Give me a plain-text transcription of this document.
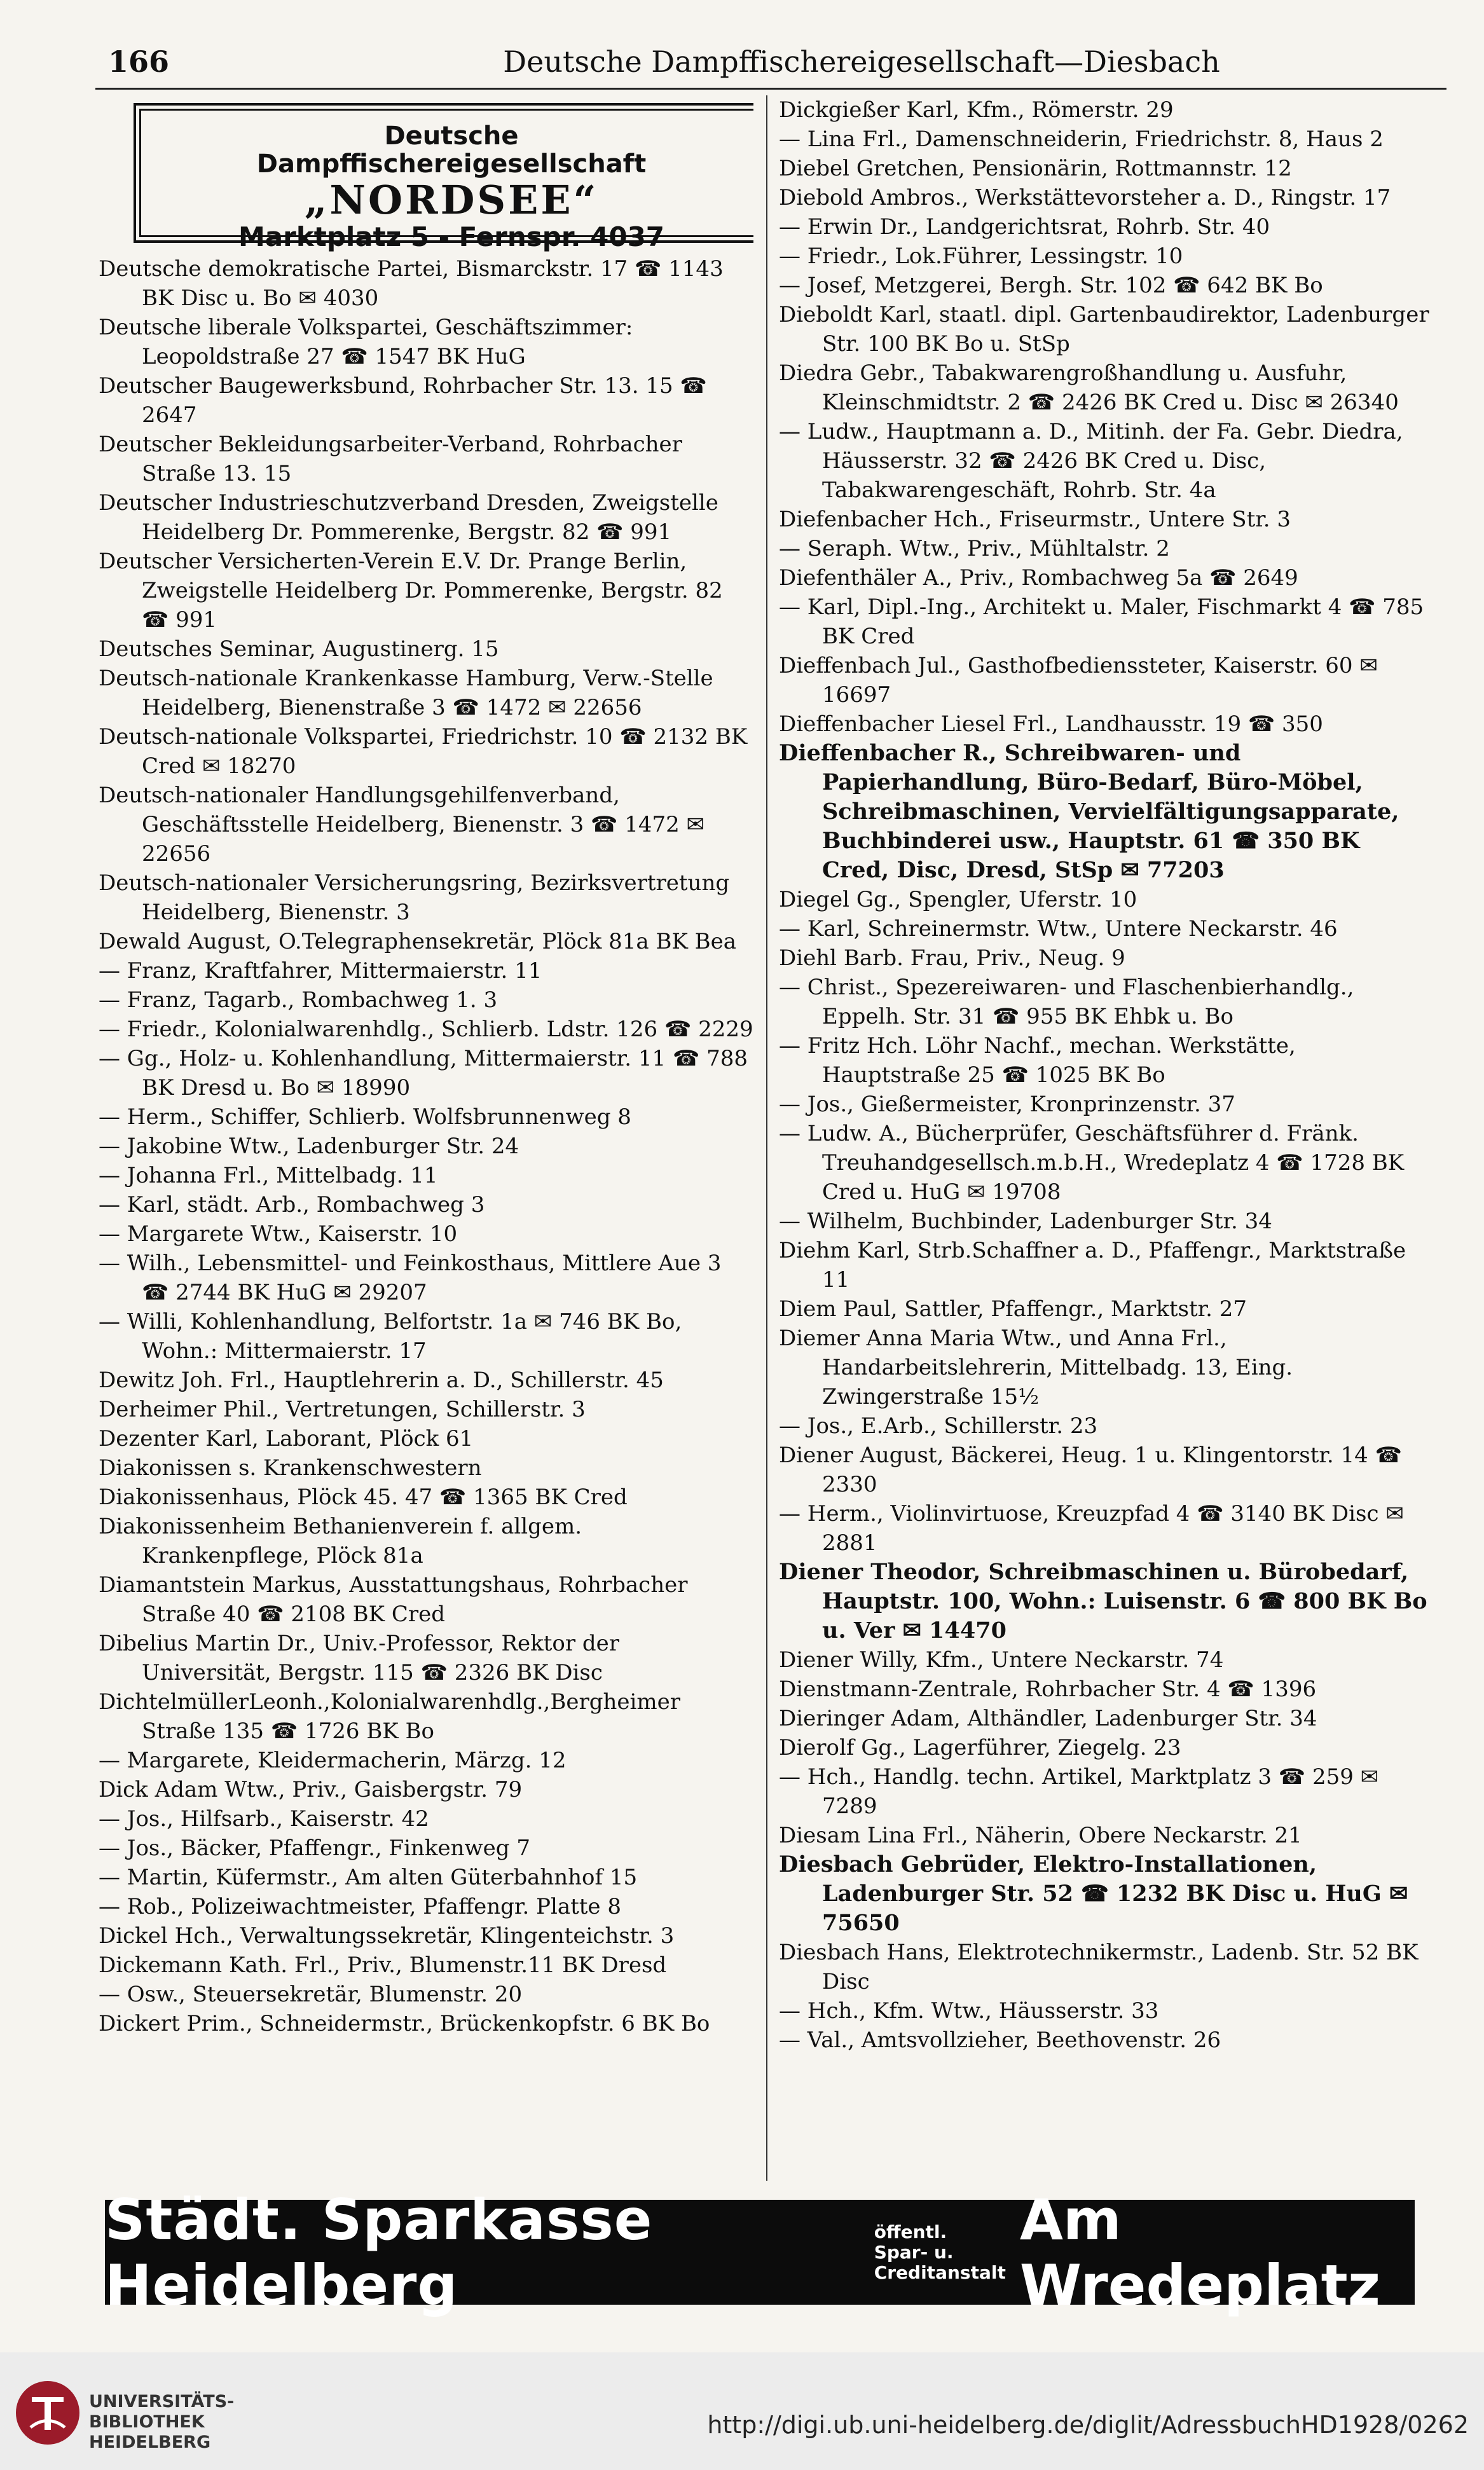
166	Deutsche Dampffischereigesellschaft—Diesbach
Deutsche
Dampffischereigesellschaft
„NORDSEE“
Marktplatz 5 - Fernspr. 4037
Deutsche demokratische Partei, Bismarckstr. 17 ☎ 1143 BK Disc u. Bo ✉ 4030
Deutsche liberale Volkspartei, Geschäftszimmer: Leopoldstraße 27 ☎ 1547 BK HuG
Deutscher Baugewerksbund, Rohrbacher Str. 13. 15 ☎ 2647
Deutscher Bekleidungsarbeiter-Verband, Rohrbacher Straße 13. 15
Deutscher Industrieschutzverband Dresden, Zweigstelle Heidelberg Dr. Pommerenke, Bergstr. 82 ☎ 991
Deutscher Versicherten-Verein E.V. Dr. Prange Berlin, Zweigstelle Heidelberg Dr. Pommerenke, Bergstr. 82 ☎ 991
Deutsches Seminar, Augustinerg. 15
Deutsch-nationale Krankenkasse Hamburg, Verw.-Stelle Heidelberg, Bienenstraße 3 ☎ 1472 ✉ 22656
Deutsch-nationale Volkspartei, Friedrichstr. 10 ☎ 2132 BK Cred ✉ 18270
Deutsch-nationaler Handlungsgehilfenverband, Geschäftsstelle Heidelberg, Bienenstr. 3 ☎ 1472 ✉ 22656
Deutsch-nationaler Versicherungsring, Bezirksvertretung Heidelberg, Bienenstr. 3
Dewald August, O.Telegraphensekretär, Plöck 81a BK Bea
— Franz, Kraftfahrer, Mittermaierstr. 11
— Franz, Tagarb., Rombachweg 1. 3
— Friedr., Kolonialwarenhdlg., Schlierb. Ldstr. 126 ☎ 2229
— Gg., Holz- u. Kohlenhandlung, Mittermaierstr. 11 ☎ 788 BK Dresd u. Bo ✉ 18990
— Herm., Schiffer, Schlierb. Wolfsbrunnenweg 8
— Jakobine Wtw., Ladenburger Str. 24
— Johanna Frl., Mittelbadg. 11
— Karl, städt. Arb., Rombachweg 3
— Margarete Wtw., Kaiserstr. 10
— Wilh., Lebensmittel- und Feinkosthaus, Mittlere Aue 3 ☎ 2744 BK HuG ✉ 29207
— Willi, Kohlenhandlung, Belfortstr. 1a ✉ 746 BK Bo, Wohn.: Mittermaierstr. 17
Dewitz Joh. Frl., Hauptlehrerin a. D., Schillerstr. 45
Derheimer Phil., Vertretungen, Schillerstr. 3
Dezenter Karl, Laborant, Plöck 61
Diakonissen s. Krankenschwestern
Diakonissenhaus, Plöck 45. 47 ☎ 1365 BK Cred
Diakonissenheim Bethanienverein f. allgem. Krankenpflege, Plöck 81a
Diamantstein Markus, Ausstattungshaus, Rohrbacher Straße 40 ☎ 2108 BK Cred
Dibelius Martin Dr., Univ.-Professor, Rektor der Universität, Bergstr. 115 ☎ 2326 BK Disc
DichtelmüllerLeonh.,Kolonialwarenhdlg.,Bergheimer Straße 135 ☎ 1726 BK Bo
— Margarete, Kleidermacherin, Märzg. 12
Dick Adam Wtw., Priv., Gaisbergstr. 79
— Jos., Hilfsarb., Kaiserstr. 42
— Jos., Bäcker, Pfaffengr., Finkenweg 7
— Martin, Küfermstr., Am alten Güterbahnhof 15
— Rob., Polizeiwachtmeister, Pfaffengr. Platte 8
Dickel Hch., Verwaltungssekretär, Klingenteichstr. 3
Dickemann Kath. Frl., Priv., Blumenstr.11 BK Dresd
— Osw., Steuersekretär, Blumenstr. 20
Dickert Prim., Schneidermstr., Brückenkopfstr. 6 BK Bo
Dickgießer Karl, Kfm., Römerstr. 29
— Lina Frl., Damenschneiderin, Friedrichstr. 8, Haus 2
Diebel Gretchen, Pensionärin, Rottmannstr. 12
Diebold Ambros., Werkstättevorsteher a. D., Ringstr. 17
— Erwin Dr., Landgerichtsrat, Rohrb. Str. 40
— Friedr., Lok.Führer, Lessingstr. 10
— Josef, Metzgerei, Bergh. Str. 102 ☎ 642 BK Bo
Dieboldt Karl, staatl. dipl. Gartenbaudirektor, Ladenburger Str. 100 BK Bo u. StSp
Diedra Gebr., Tabakwarengroßhandlung u. Ausfuhr, Kleinschmidtstr. 2 ☎ 2426 BK Cred u. Disc ✉ 26340
— Ludw., Hauptmann a. D., Mitinh. der Fa. Gebr. Diedra, Häusserstr. 32 ☎ 2426 BK Cred u. Disc, Tabakwarengeschäft, Rohrb. Str. 4a
Diefenbacher Hch., Friseurmstr., Untere Str. 3
— Seraph. Wtw., Priv., Mühltalstr. 2
Diefenthäler A., Priv., Rombachweg 5a ☎ 2649
— Karl, Dipl.-Ing., Architekt u. Maler, Fischmarkt 4 ☎ 785 BK Cred
Dieffenbach Jul., Gasthofbedienssteter, Kaiserstr. 60 ✉ 16697
Dieffenbacher Liesel Frl., Landhausstr. 19 ☎ 350
Dieffenbacher R., Schreibwaren- und Papierhandlung, Büro-Bedarf, Büro-Möbel, Schreibmaschinen, Vervielfältigungsapparate, Buchbinderei usw., Hauptstr. 61 ☎ 350 BK Cred, Disc, Dresd, StSp ✉ 77203
Diegel Gg., Spengler, Uferstr. 10
— Karl, Schreinermstr. Wtw., Untere Neckarstr. 46
Diehl Barb. Frau, Priv., Neug. 9
— Christ., Spezereiwaren- und Flaschenbierhandlg., Eppelh. Str. 31 ☎ 955 BK Ehbk u. Bo
— Fritz Hch. Löhr Nachf., mechan. Werkstätte, Hauptstraße 25 ☎ 1025 BK Bo
— Jos., Gießermeister, Kronprinzenstr. 37
— Ludw. A., Bücherprüfer, Geschäftsführer d. Fränk. Treuhandgesellsch.m.b.H., Wredeplatz 4 ☎ 1728 BK Cred u. HuG ✉ 19708
— Wilhelm, Buchbinder, Ladenburger Str. 34
Diehm Karl, Strb.Schaffner a. D., Pfaffengr., Marktstraße 11
Diem Paul, Sattler, Pfaffengr., Marktstr. 27
Diemer Anna Maria Wtw., und Anna Frl., Handarbeitslehrerin, Mittelbadg. 13, Eing. Zwingerstraße 15½
— Jos., E.Arb., Schillerstr. 23
Diener August, Bäckerei, Heug. 1 u. Klingentorstr. 14 ☎ 2330
— Herm., Violinvirtuose, Kreuzpfad 4 ☎ 3140 BK Disc ✉ 2881
Diener Theodor, Schreibmaschinen u. Bürobedarf, Hauptstr. 100, Wohn.: Luisenstr. 6 ☎ 800 BK Bo u. Ver ✉ 14470
Diener Willy, Kfm., Untere Neckarstr. 74
Dienstmann-Zentrale, Rohrbacher Str. 4 ☎ 1396
Dieringer Adam, Althändler, Ladenburger Str. 34
Dierolf Gg., Lagerführer, Ziegelg. 23
— Hch., Handlg. techn. Artikel, Marktplatz 3 ☎ 259 ✉ 7289
Diesam Lina Frl., Näherin, Obere Neckarstr. 21
Diesbach Gebrüder, Elektro-Installationen, Ladenburger Str. 52 ☎ 1232 BK Disc u. HuG ✉ 75650
Diesbach Hans, Elektrotechnikermstr., Ladenb. Str. 52 BK Disc
— Hch., Kfm. Wtw., Häusserstr. 33
— Val., Amtsvollzieher, Beethovenstr. 26
Städt. Sparkasse Heidelberg
öffentl. Spar- u.
Creditanstalt
Am Wredeplatz
UNIVERSITÄTS-
BIBLIOTHEK
HEIDELBERG
http://digi.ub.uni-heidelberg.de/diglit/AdressbuchHD1928/0262
